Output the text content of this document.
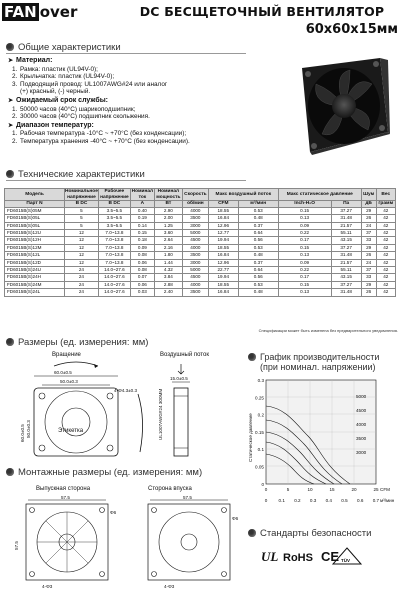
FAN over	DC БЕСЩЕТОЧНЫЙ ВЕНТИЛЯТОР
60x60x15мм
Общие характеристики
➤ Материал:
1. Рамка: пластик (UL94V-0);
2. Крыльчатка: пластик (UL94V-0);
3. Подводящий провод: UL1007AWG#24 или аналог
(+) красный, (-) черный.
➤ Ожидаемый срок службы:
1. 50000 часов (40°С) шарикоподшипник;
2. 30000 часов (40°С) подшипник скольжения.
➤ Диапазон температур:
1. Рабочая температура -10°С ~ +70°С (без конденсации);
2. Температура хранения -40°С ~ +70°С (без конденсации).
Технические характеристики
Модель	Номинальное напряжение	Рабочее напряжение	Номинал ток	Номинал мощность	Скорость	Макс воздушный поток		Макс статическое давление		Шум	Вес
Парт N	В DC	В DC	А	Вт	об/мин	CFM	м³/мин	Inch-H₂O	Па	дБ	грамм
FD6015B(S)05M	5	3.5~5.5	0.40	2.90	4000	18.55	0.53	0.15	37.27	29	42
FD6015B(S)05L	5	3.5~5.5	0.19	2.00	3500	16.84	0.48	0.13	31.48	26	42
FD6015B(S)05L	5	3.5~5.5	0.14	1.25	3000	12.96	0.37	0.09	21.57	24	42
FD6015B(S)12U	12	7.0~13.8	0.15	3.60	5000	12.77	0.64	0.22	55.11	37	42
FD6015B(S)12H	12	7.0~13.8	0.18	2.64	4500	19.94	0.56	0.17	43.15	33	42
FD6015B(S)12M	12	7.0~13.8	0.09	2.16	4000	18.55	0.53	0.15	37.27	29	42
FD6015B(S)12L	12	7.0~13.8	0.08	1.80	3500	16.84	0.48	0.13	31.48	26	42
FD6015B(S)12D	12	7.0~13.8	0.06	1.44	3000	12.96	0.37	0.09	21.57	24	42
FD6015B(S)24U	24	14.0~27.6	0.08	4.32	5000	22.77	0.64	0.22	55.11	37	42
FD6015B(S)24H	24	14.0~27.6	0.07	3.84	4500	19.94	0.56	0.17	43.15	33	42
FD6015B(S)24M	24	14.0~27.6	0.06	2.88	4000	18.55	0.53	0.15	37.27	29	42
FD6015B(S)24L	24	14.0~27.6	0.03	2.40	3500	16.84	0.48	0.13	31.48	26	42
Спецификации может быть изменена без предварительного уведомления.
Размеры (ед. измерения: мм)
Вращение	Воздушный поток
60.0±0.5
50.0±0.3
4-Φ4.3±0.3
Этикетка
60.0±0.5 50.0±0.3
15.0±0.5
UL1007AWG#24 300MM
Монтажные размеры (ед. измерения: мм)
Выпускная сторона	Сторона впуска
57.5
Φ6
57.5
4-Φ3
57.5
Φ6
4-Φ3
График производительности
(при номинал. напряжении)
0.3
0.25
0.2
0.15
0.1
0.05
0
0	5	10	15	20	25
0 0.1 0.2 0.3 0.4 0.5 0.6 0.7
5000
4500
4000
3500
3000
Статическое давление
CFM
м³/мин
Стандарты безопасности
UL RoHS CE TÜV
